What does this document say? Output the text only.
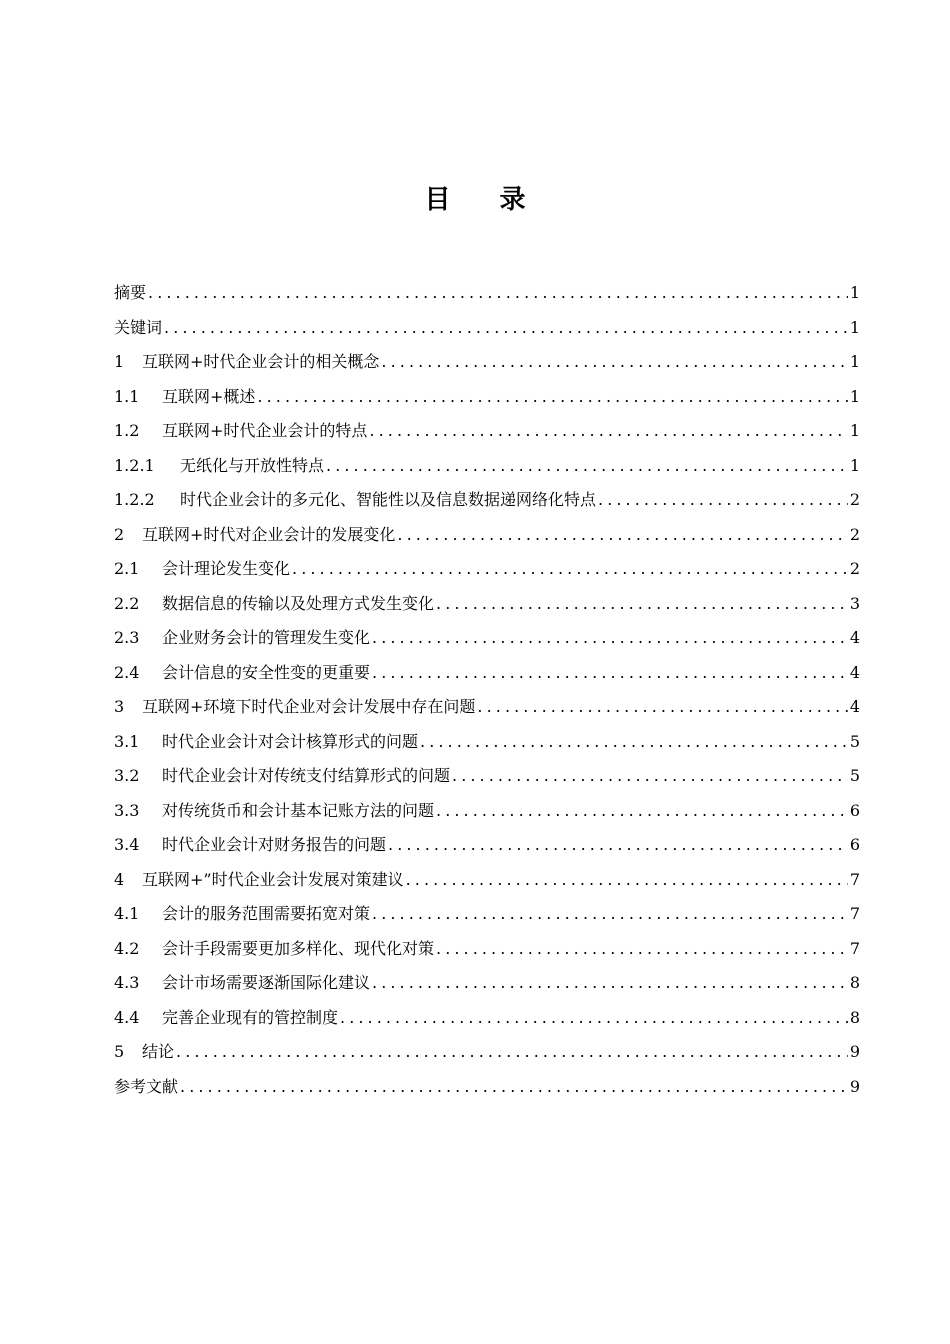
目 录
摘要 . . .	1
关键词 . . .	1
1	互联网+时代企业会计的相关概念 . . .	1
1.1	互联网+概述 . . .	1
1.2	互联网+时代企业会计的特点 . . .	1
1.2.1	无纸化与开放性特点 . . .	1
1.2.2	时代企业会计的多元化、智能性以及信息数据递网络化特点 . . .	2
2	互联网+时代对企业会计的发展变化 . . .	2
2.1	会计理论发生变化 . . .	2
2.2	数据信息的传输以及处理方式发生变化 . . .	3
2.3	企业财务会计的管理发生变化 . . .	4
2.4	会计信息的安全性变的更重要 . . .	4
3	互联网+环境下时代企业对会计发展中存在问题 . . .	4
3.1	时代企业会计对会计核算形式的问题 . . .	5
3.2	时代企业会计对传统支付结算形式的问题 . . .	5
3.3	对传统货币和会计基本记账方法的问题 . . .	6
3.4	时代企业会计对财务报告的问题 . . .	6
4	互联网+”时代企业会计发展对策建议 . . .	7
4.1	会计的服务范围需要拓宽对策 . . .	7
4.2	会计手段需要更加多样化、现代化对策 . . .	7
4.3	会计市场需要逐渐国际化建议 . . .	8
4.4	完善企业现有的管控制度 . . .	8
5	结论 . . .	9
参考文献 . . .	9
